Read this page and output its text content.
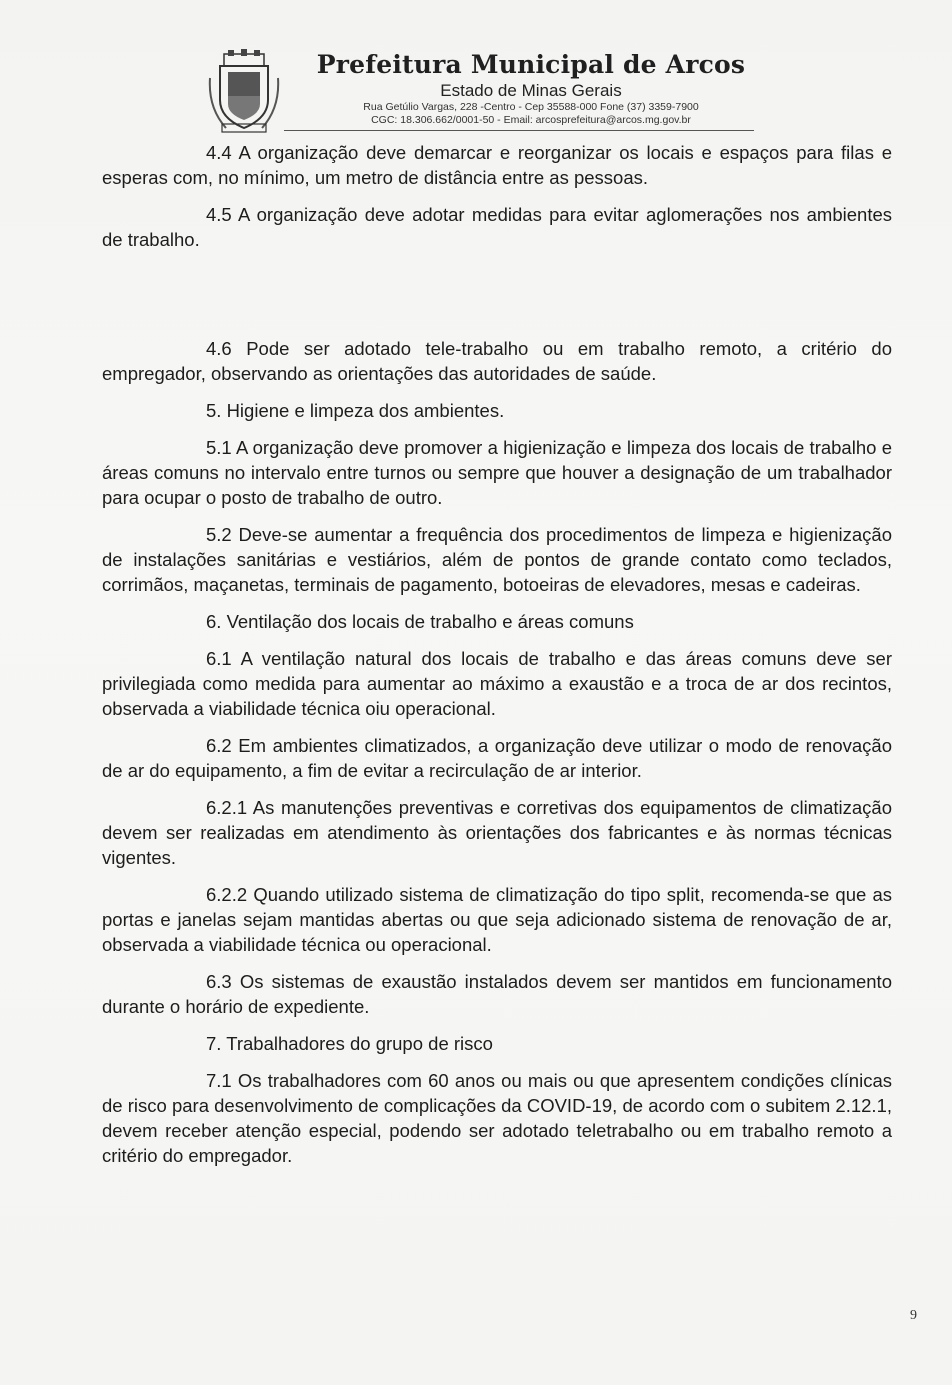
Prefeitura Municipal de Arcos
Estado de Minas Gerais
Rua Getúlio Vargas, 228 -Centro - Cep 35588-000 Fone (37) 3359-7900
CGC: 18.306.662/0001-50 - Email: arcosprefeitura@arcos.mg.gov.br

4.4 A organização deve demarcar e reorganizar os locais e espaços para filas e esperas com, no mínimo, um metro de distância entre as pessoas.

4.5 A organização deve adotar medidas para evitar aglomerações nos ambientes de trabalho.

4.6 Pode ser adotado tele-trabalho ou em trabalho remoto, a critério do empregador, observando as orientações das autoridades de saúde.

5. Higiene e limpeza dos ambientes.

5.1 A organização deve promover a higienização e limpeza dos locais de trabalho e áreas comuns no intervalo entre turnos ou sempre que houver a designação de um trabalhador para ocupar o posto de trabalho de outro.

5.2 Deve-se aumentar a frequência dos procedimentos de limpeza e higienização de instalações sanitárias e vestiários, além de pontos de grande contato como teclados, corrimãos, maçanetas, terminais de pagamento, botoeiras de elevadores, mesas e cadeiras.

6. Ventilação dos locais de trabalho e áreas comuns

6.1 A ventilação natural dos locais de trabalho e das áreas comuns deve ser privilegiada como medida para aumentar ao máximo a exaustão e a troca de ar dos recintos, observada a viabilidade técnica oiu operacional.

6.2 Em ambientes climatizados, a organização deve utilizar o modo de renovação de ar do equipamento, a fim de evitar a recirculação de ar interior.

6.2.1 As manutenções preventivas e corretivas dos equipamentos de climatização devem ser realizadas em atendimento às orientações dos fabricantes e às normas técnicas vigentes.

6.2.2 Quando utilizado sistema de climatização do tipo split, recomenda-se que as portas e janelas sejam mantidas abertas ou que seja adicionado sistema de renovação de ar, observada a viabilidade técnica ou operacional.

6.3 Os sistemas de exaustão instalados devem ser mantidos em funcionamento durante o horário de expediente.

7. Trabalhadores do grupo de risco

7.1 Os trabalhadores com 60 anos ou mais ou que apresentem condições clínicas de risco para desenvolvimento de complicações da COVID-19, de acordo com o subitem 2.12.1, devem receber atenção especial, podendo ser adotado teletrabalho ou em trabalho remoto a critério do empregador.

9
